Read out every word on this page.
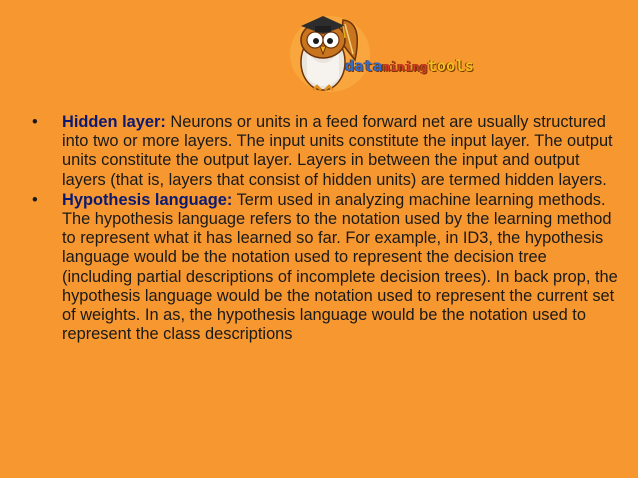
dataminingtools
• Hidden layer: Neurons or units in a feed forward net are usually structured into two or more layers. The input units constitute the input layer. The output units constitute the output layer. Layers in between the input and output layers (that is, layers that consist of hidden units) are termed hidden layers.
• Hypothesis language: Term used in analyzing machine learning methods. The hypothesis language refers to the notation used by the learning method to represent what it has learned so far. For example, in ID3, the hypothesis language would be the notation used to represent the decision tree (including partial descriptions of incomplete decision trees). In back prop, the hypothesis language would be the notation used to represent the current set of weights. In as, the hypothesis language would be the notation used to represent the class descriptions
